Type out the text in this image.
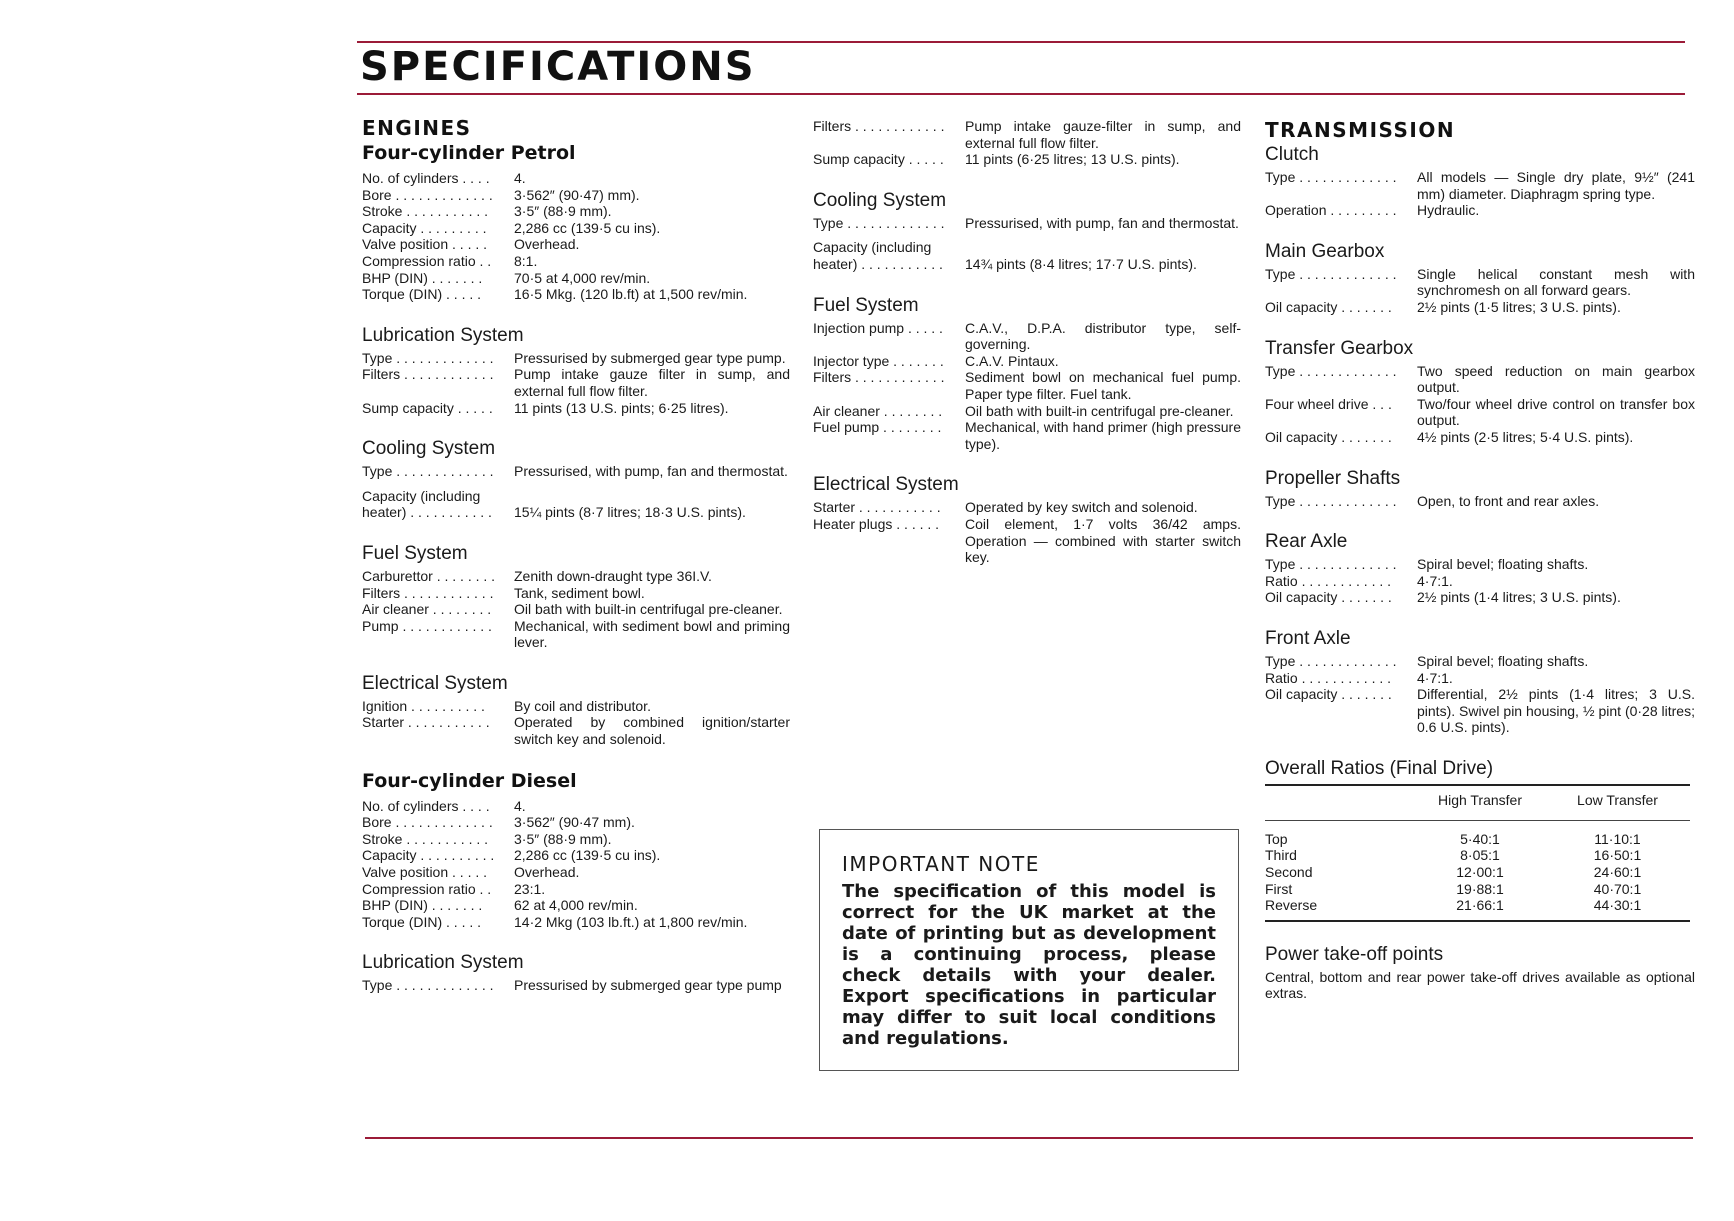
SPECIFICATIONS
ENGINES
Four-cylinder Petrol
No. of cylinders . . . .	4.
Bore . . . . . . . . . . . . .	3·562″ (90·47) mm).
Stroke . . . . . . . . . . .	3·5″ (88·9 mm).
Capacity . . . . . . . . .	2,286 cc (139·5 cu ins).
Valve position . . . . .	Overhead.
Compression ratio . .	8:1.
BHP (DIN) . . . . . . .	70·5 at 4,000 rev/min.
Torque (DIN) . . . . .	16·5 Mkg. (120 lb.ft) at 1,500 rev/min.
Lubrication System
Type . . . . . . . . . . . . .	Pressurised by submerged gear type pump.
Filters . . . . . . . . . . . .	Pump intake gauze filter in sump, and external full flow filter.
Sump capacity . . . . .	11 pints (13 U.S. pints; 6·25 litres).
Cooling System
Type . . . . . . . . . . . . .	Pressurised, with pump, fan and thermostat.
Capacity (including
heater) . . . . . . . . . . .	15¼ pints (8·7 litres; 18·3 U.S. pints).
Fuel System
Carburettor . . . . . . . .	Zenith down-draught type 36I.V.
Filters . . . . . . . . . . . .	Tank, sediment bowl.
Air cleaner . . . . . . . .	Oil bath with built-in centrifugal pre-cleaner.
Pump . . . . . . . . . . . .	Mechanical, with sediment bowl and priming lever.
Electrical System
Ignition . . . . . . . . . .	By coil and distributor.
Starter . . . . . . . . . . .	Operated by combined ignition/starter switch key and solenoid.
Four-cylinder Diesel
No. of cylinders . . . .	4.
Bore . . . . . . . . . . . . .	3·562″ (90·47 mm).
Stroke . . . . . . . . . . .	3·5″ (88·9 mm).
Capacity . . . . . . . . . .	2,286 cc (139·5 cu ins).
Valve position . . . . .	Overhead.
Compression ratio . .	23:1.
BHP (DIN) . . . . . . .	62 at 4,000 rev/min.
Torque (DIN) . . . . .	14·2 Mkg (103 lb.ft.) at 1,800 rev/min.
Lubrication System
Type . . . . . . . . . . . . .	Pressurised by submerged gear type pump
Filters . . . . . . . . . . . .	Pump intake gauze-filter in sump, and external full flow filter.
Sump capacity . . . . .	11 pints (6·25 litres; 13 U.S. pints).
Cooling System
Type . . . . . . . . . . . . .	Pressurised, with pump, fan and thermostat.
Capacity (including
heater) . . . . . . . . . . .	14¾ pints (8·4 litres; 17·7 U.S. pints).
Fuel System
Injection pump . . . . .	C.A.V., D.P.A. distributor type, self-governing.
Injector type . . . . . . .	C.A.V. Pintaux.
Filters . . . . . . . . . . . .	Sediment bowl on mechanical fuel pump. Paper type filter. Fuel tank.
Air cleaner . . . . . . . .	Oil bath with built-in centrifugal pre-cleaner.
Fuel pump . . . . . . . .	Mechanical, with hand primer (high pressure type).
Electrical System
Starter . . . . . . . . . . .	Operated by key switch and solenoid.
Heater plugs . . . . . .	Coil element, 1·7 volts 36/42 amps. Operation — combined with starter switch key.
IMPORTANT NOTE

The specification of this model is correct for the UK market at the date of printing but as development is a continuing process, please check details with your dealer. Export specifications in particular may differ to suit local conditions and regulations.

TRANSMISSION
Clutch
Type . . . . . . . . . . . . .	All models — Single dry plate, 9½″ (241 mm) diameter. Diaphragm spring type.
Operation . . . . . . . . .	Hydraulic.
Main Gearbox
Type . . . . . . . . . . . . .	Single helical constant mesh with synchromesh on all forward gears.
Oil capacity . . . . . . .	2½ pints (1·5 litres; 3 U.S. pints).
Transfer Gearbox
Type . . . . . . . . . . . . .	Two speed reduction on main gearbox output.
Four wheel drive . . .	Two/four wheel drive control on transfer box output.
Oil capacity . . . . . . .	4½ pints (2·5 litres; 5·4 U.S. pints).
Propeller Shafts
Type . . . . . . . . . . . . .	Open, to front and rear axles.
Rear Axle
Type . . . . . . . . . . . . .	Spiral bevel; floating shafts.
Ratio . . . . . . . . . . . .	4·7:1.
Oil capacity . . . . . . .	2½ pints (1·4 litres; 3 U.S. pints).
Front Axle
Type . . . . . . . . . . . . .	Spiral bevel; floating shafts.
Ratio . . . . . . . . . . . .	4·7:1.
Oil capacity . . . . . . .	Differential, 2½ pints (1·4 litres; 3 U.S. pints). Swivel pin housing, ½ pint (0·28 litres; 0.6 U.S. pints).
Overall Ratios (Final Drive)
	High Transfer	Low Transfer
Top	5·40:1	11·10:1
Third	8·05:1	16·50:1
Second	12·00:1	24·60:1
First	19·88:1	40·70:1
Reverse	21·66:1	44·30:1
Power take-off points

Central, bottom and rear power take-off drives available as optional extras.
